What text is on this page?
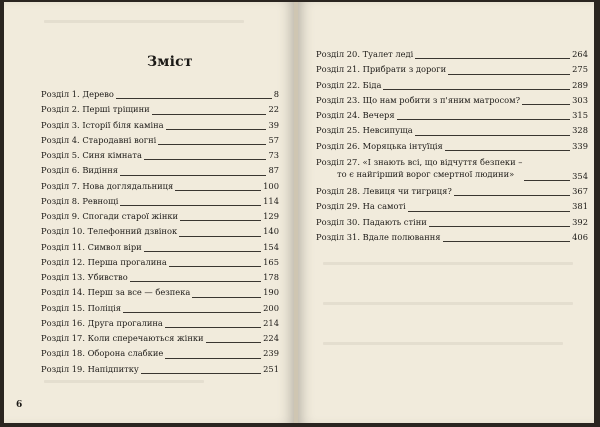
Розділ 1. Дерево	8
Розділ 2. Перші тріщини	22
Розділ 3. Історії біля каміна	39
Розділ 4. Стародавні вогні	57
Розділ 5. Синя кімната	73
Розділ 6. Видіння	87
Розділ 7. Нова доглядальниця	100
Розділ 8. Ревнощі	114
Розділ 9. Спогади старої жінки	129
Розділ 10. Телефонний дзвінок	140
Розділ 11. Символ віри	154
Розділ 12. Перша прогалина	165
Розділ 13. Убивство	178
Розділ 14. Перш за все — безпека	190
Розділ 15. Поліція	200
Розділ 16. Друга прогалина	214
Розділ 17. Коли сперечаються жінки	224
Розділ 18. Оборона слабкие	239
Розділ 19. Напідпитку	251
Зміст
6
Розділ 20. Туалет леді	264
Розділ 21. Прибрати з дороги	275
Розділ 22. Біда	289
Розділ 23. Що нам робити з п'яним матросом?	303
Розділ 24. Вечеря	315
Розділ 25. Невсипуща	328
Розділ 26. Моряцька інтуїція	339
Розділ 27. «І знають всі, що відчуття безпеки –
то є найгірший ворог смертної людини»	354
Розділ 28. Левиця чи тигриця?	367
Розділ 29. На самоті	381
Розділ 30. Падають стіни	392
Розділ 31. Вдале полювання	406
